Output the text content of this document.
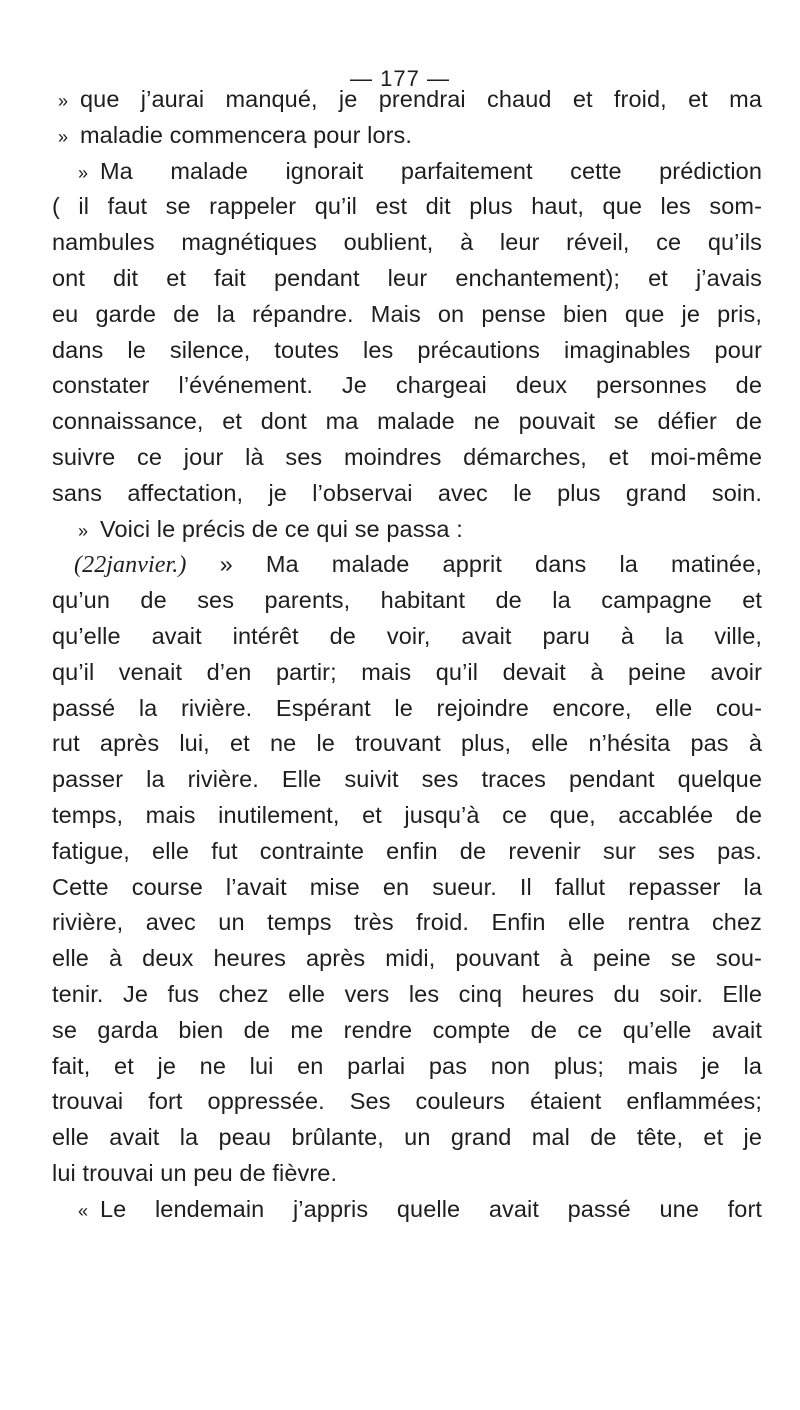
— 177 —
» que j’aurai manqué, je prendrai chaud et froid, et ma
» maladie commencera pour lors.
» Ma malade ignorait parfaitement cette prédiction
( il faut se rappeler qu’il est dit plus haut, que les som-
nambules magnétiques oublient, à leur réveil, ce qu’ils
ont dit et fait pendant leur enchantement); et j’avais
eu garde de la répandre. Mais on pense bien que je pris,
dans le silence, toutes les précautions imaginables pour
constater l’événement. Je chargeai deux personnes de
connaissance, et dont ma malade ne pouvait se défier de
suivre ce jour là ses moindres démarches, et moi-même
sans affectation, je l’observai avec le plus grand soin.
» Voici le précis de ce qui se passa :
(22janvier.) » Ma malade apprit dans la matinée,
qu’un de ses parents, habitant de la campagne et
qu’elle avait intérêt de voir, avait paru à la ville,
qu’il venait d’en partir; mais qu’il devait à peine avoir
passé la rivière. Espérant le rejoindre encore, elle cou-
rut après lui, et ne le trouvant plus, elle n’hésita pas à
passer la rivière. Elle suivit ses traces pendant quelque
temps, mais inutilement, et jusqu’à ce que, accablée de
fatigue, elle fut contrainte enfin de revenir sur ses pas.
Cette course l’avait mise en sueur. Il fallut repasser la
rivière, avec un temps très froid. Enfin elle rentra chez
elle à deux heures après midi, pouvant à peine se sou-
tenir. Je fus chez elle vers les cinq heures du soir. Elle
se garda bien de me rendre compte de ce qu’elle avait
fait, et je ne lui en parlai pas non plus; mais je la
trouvai fort oppressée. Ses couleurs étaient enflammées;
elle avait la peau brûlante, un grand mal de tête, et je
lui trouvai un peu de fièvre.
« Le lendemain j’appris quelle avait passé une fort
